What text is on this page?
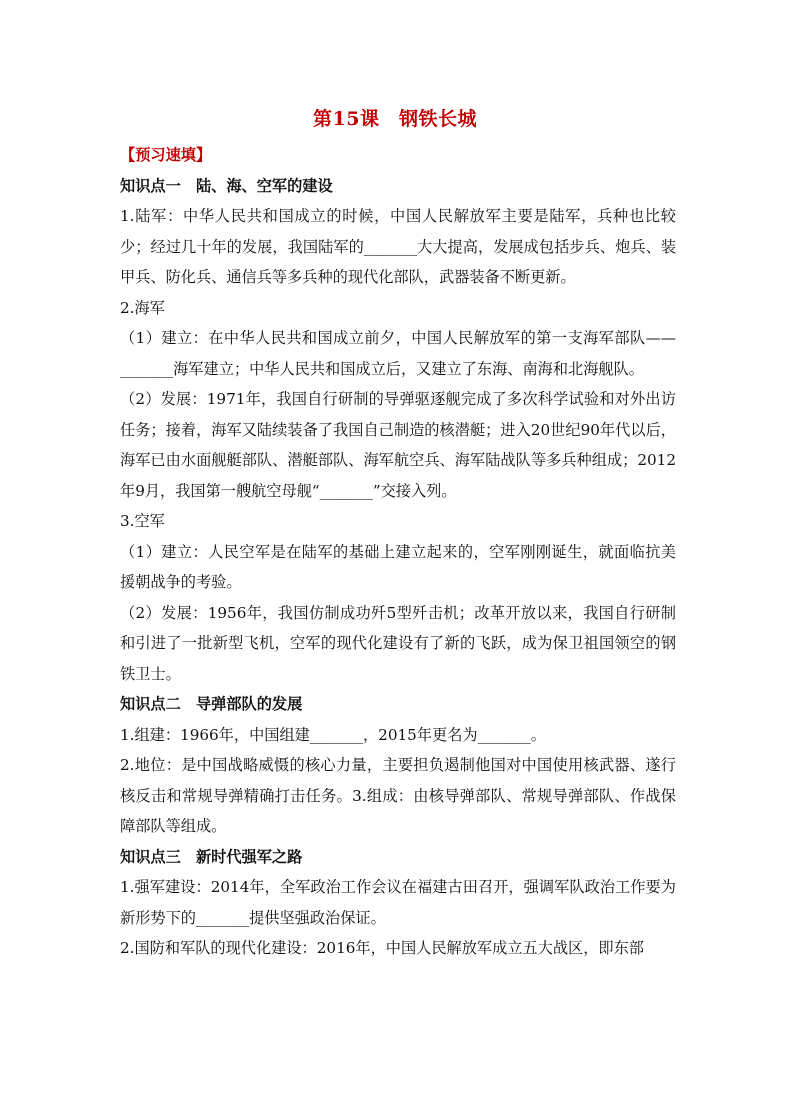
第15课　钢铁长城

【预习速填】

知识点一　陆、海、空军的建设

1.陆军：中华人民共和国成立的时候，中国人民解放军主要是陆军，兵种也比较少；经过几十年的发展，我国陆军的_______大大提高，发展成包括步兵、炮兵、装甲兵、防化兵、通信兵等多兵种的现代化部队，武器装备不断更新。

2.海军

（1）建立：在中华人民共和国成立前夕，中国人民解放军的第一支海军部队——_______海军建立；中华人民共和国成立后，又建立了东海、南海和北海舰队。

（2）发展：1971年，我国自行研制的导弹驱逐舰完成了多次科学试验和对外出访任务；接着，海军又陆续装备了我国自己制造的核潜艇；进入20世纪90年代以后，海军已由水面舰艇部队、潜艇部队、海军航空兵、海军陆战队等多兵种组成；2012年9月，我国第一艘航空母舰“_______”交接入列。

3.空军

（1）建立：人民空军是在陆军的基础上建立起来的，空军刚刚诞生，就面临抗美援朝战争的考验。

（2）发展：1956年，我国仿制成功歼5型歼击机；改革开放以来，我国自行研制和引进了一批新型飞机，空军的现代化建设有了新的飞跃，成为保卫祖国领空的钢铁卫士。

知识点二　导弹部队的发展

1.组建：1966年，中国组建_______，2015年更名为_______。

2.地位：是中国战略威慑的核心力量，主要担负遏制他国对中国使用核武器、遂行核反击和常规导弹精确打击任务。3.组成：由核导弹部队、常规导弹部队、作战保障部队等组成。

知识点三　新时代强军之路

1.强军建设：2014年，全军政治工作会议在福建古田召开，强调军队政治工作要为新形势下的_______提供坚强政治保证。

2.国防和军队的现代化建设：2016年，中国人民解放军成立五大战区，即东部
